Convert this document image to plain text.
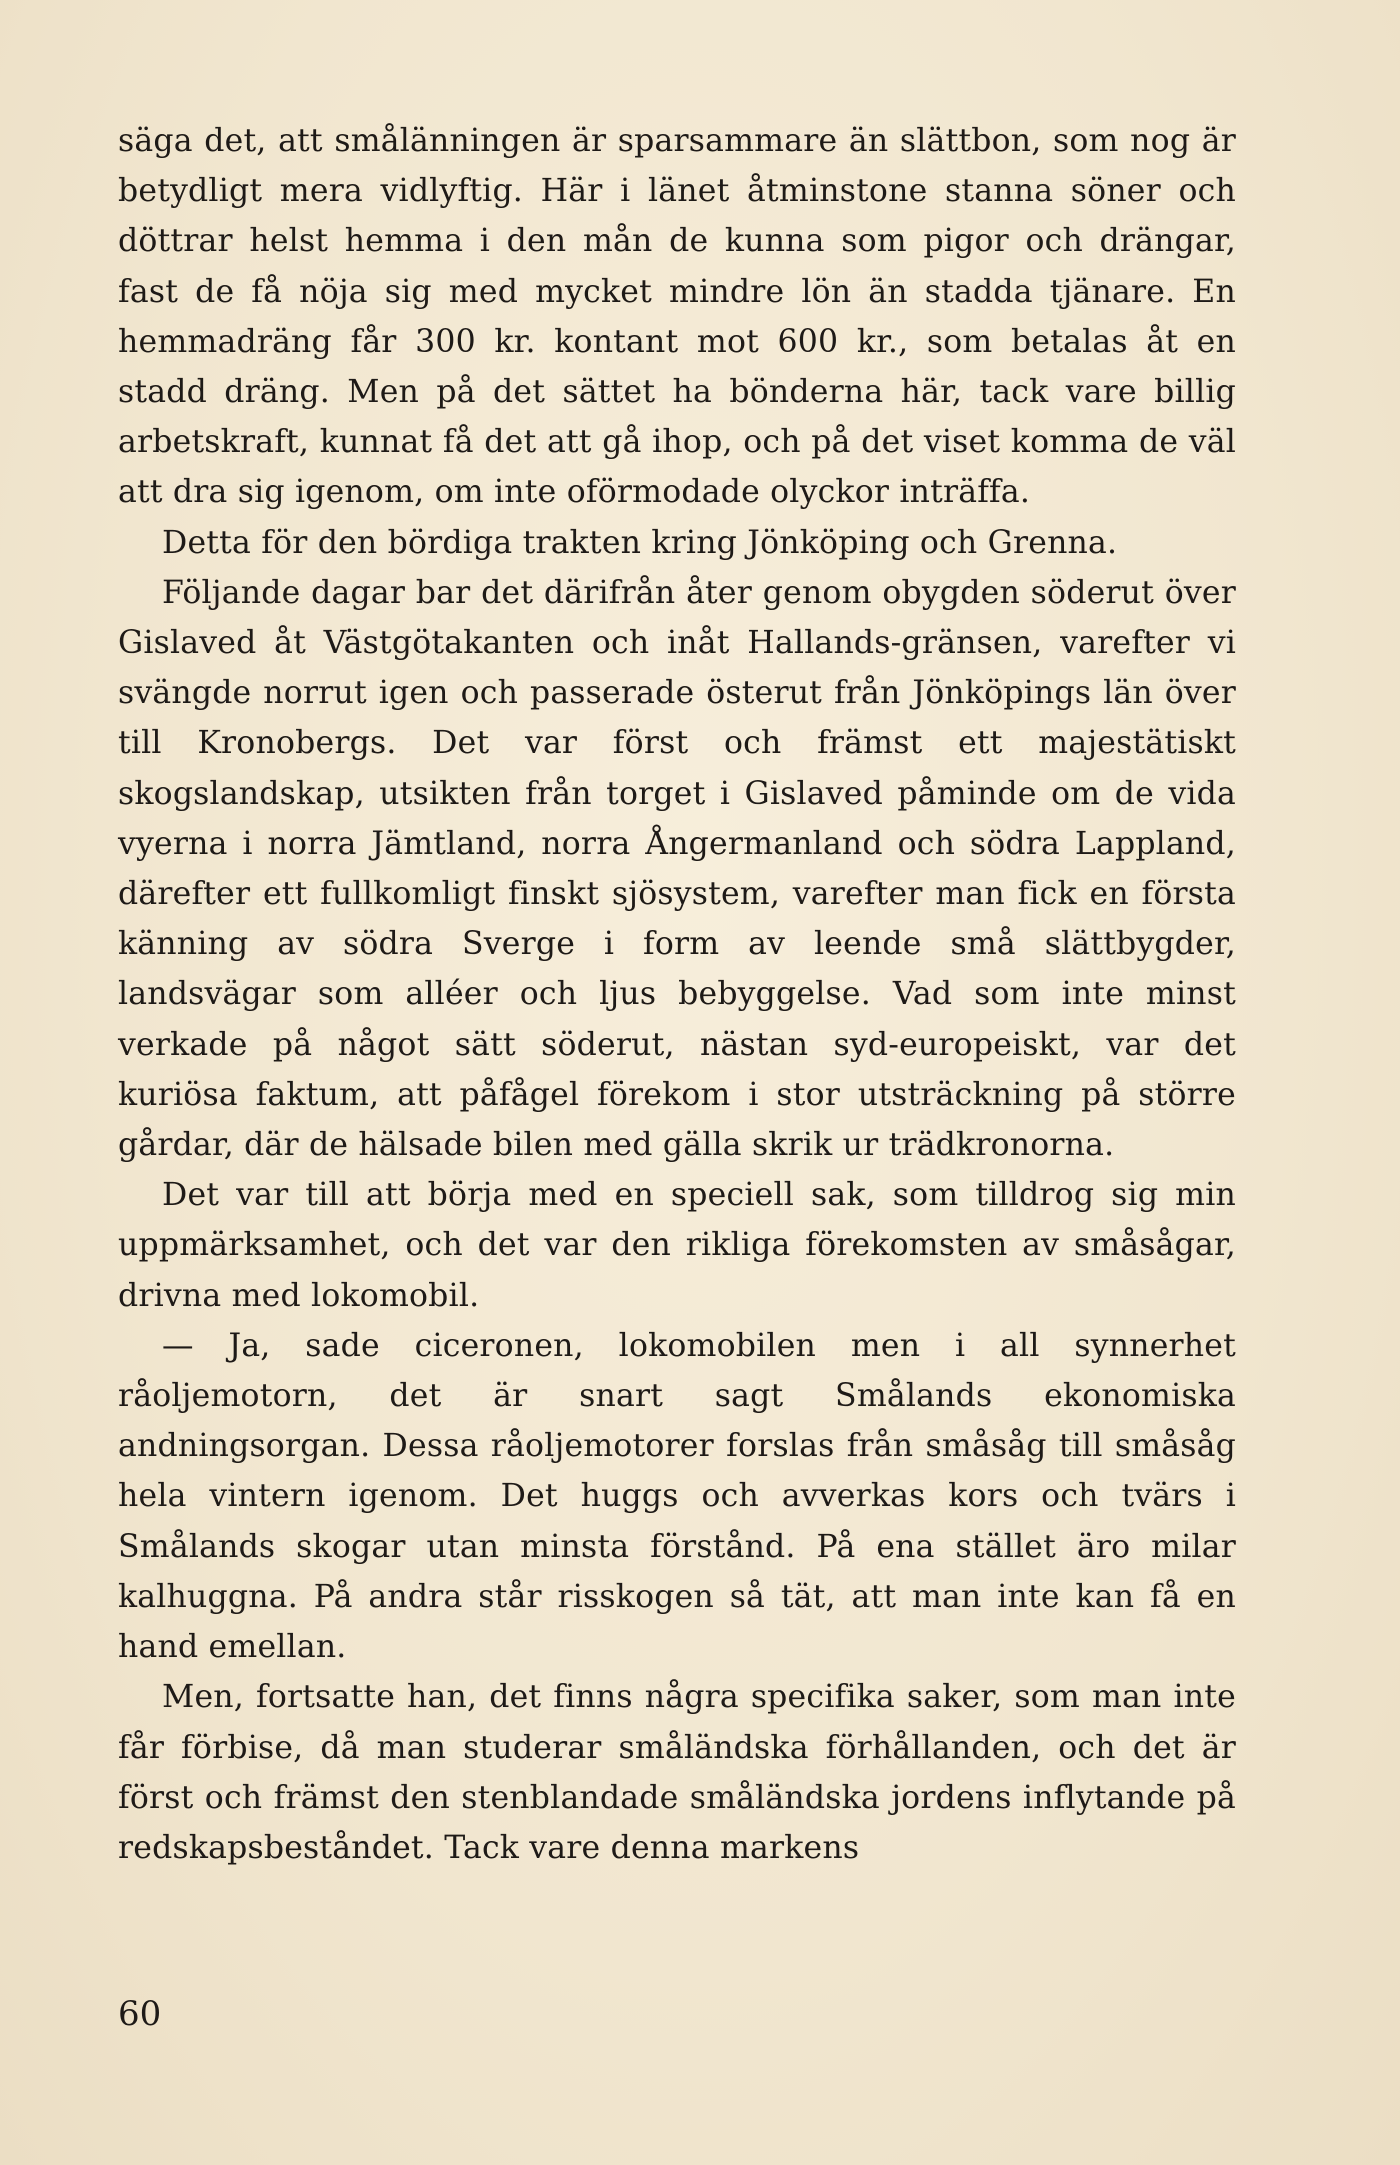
säga det, att smålänningen är sparsammare än slättbon, som nog är betydligt mera vidlyftig. Här i länet åtminstone stanna söner och döttrar helst hemma i den mån de kunna som pigor och drängar, fast de få nöja sig med mycket mindre lön än stadda tjänare. En hemmadräng får 300 kr. kontant mot 600 kr., som betalas åt en stadd dräng. Men på det sättet ha bönderna här, tack vare billig arbetskraft, kunnat få det att gå ihop, och på det viset komma de väl att dra sig igenom, om inte oförmodade olyckor inträffa.

Detta för den bördiga trakten kring Jönköping och Grenna.

Följande dagar bar det därifrån åter genom obygden söderut över Gislaved åt Västgötakanten och inåt Hallands-gränsen, varefter vi svängde norrut igen och passerade österut från Jönköpings län över till Kronobergs. Det var först och främst ett majestätiskt skogslandskap, utsikten från torget i Gislaved påminde om de vida vyerna i norra Jämtland, norra Ångermanland och södra Lappland, därefter ett fullkomligt finskt sjösystem, varefter man fick en första känning av södra Sverge i form av leende små slättbygder, landsvägar som alléer och ljus bebyggelse. Vad som inte minst verkade på något sätt söderut, nästan syd-europeiskt, var det kuriösa faktum, att påfågel förekom i stor utsträckning på större gårdar, där de hälsade bilen med gälla skrik ur trädkronorna.

Det var till att börja med en speciell sak, som tilldrog sig min uppmärksamhet, och det var den rikliga förekomsten av småsågar, drivna med lokomobil.

— Ja, sade ciceronen, lokomobilen men i all synnerhet råoljemotorn, det är snart sagt Smålands ekonomiska andningsorgan. Dessa råoljemotorer forslas från småsåg till småsåg hela vintern igenom. Det huggs och avverkas kors och tvärs i Smålands skogar utan minsta förstånd. På ena stället äro milar kalhuggna. På andra står risskogen så tät, att man inte kan få en hand emellan.

Men, fortsatte han, det finns några specifika saker, som man inte får förbise, då man studerar småländska förhållanden, och det är först och främst den stenblandade småländska jordens inflytande på redskapsbeståndet. Tack vare denna markens

60
